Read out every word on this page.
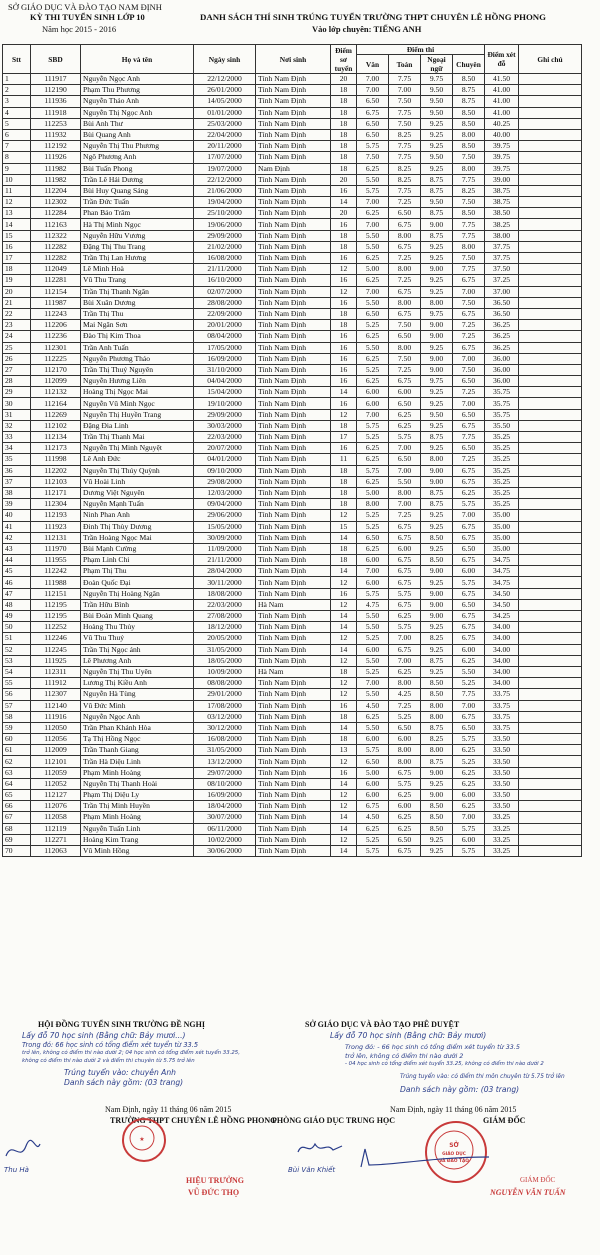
SỞ GIÁO DỤC VÀ ĐÀO TẠO NAM ĐỊNH
KỲ THI TUYỂN SINH LỚP 10
Năm học 2015 - 2016
DANH SÁCH THÍ SINH TRÚNG TUYỂN TRƯỜNG THPT CHUYÊN LÊ HỒNG PHONG
Vào lớp chuyên: TIẾNG ANH
Stt	SBD	Họ và tên	Ngày sinh	Nơi sinh	Điểm sơ tuyển	Điểm thi				Điểm xét đỗ	Ghi chú
						Văn	Toán	Ngoại ngữ	Chuyên		
1	111917	Nguyễn Ngọc Anh	22/12/2000	Tỉnh Nam Định	20	7.00	7.75	9.75	8.50	41.50	
2	112190	Phạm Thu Phương	26/01/2000	Tỉnh Nam Định	18	7.00	7.00	9.50	8.75	41.00	
3	111936	Nguyễn Thảo Anh	14/05/2000	Tỉnh Nam Định	18	6.50	7.50	9.50	8.75	41.00	
4	111918	Nguyễn Thị Ngọc Anh	01/01/2000	Tỉnh Nam Định	18	6.75	7.75	9.50	8.50	41.00	
5	112253	Bùi Anh Thư	25/03/2000	Tỉnh Nam Định	18	6.50	7.50	9.25	8.50	40.25	
6	111932	Bùi Quang Anh	22/04/2000	Tỉnh Nam Định	18	6.50	8.25	9.25	8.00	40.00	
7	112192	Nguyễn Thị Thu Phương	20/11/2000	Tỉnh Nam Định	18	5.75	7.75	9.25	8.50	39.75	
8	111926	Ngô Phương Anh	17/07/2000	Tỉnh Nam Định	18	7.50	7.75	9.50	7.50	39.75	
9	111982	Bùi Tuấn Phong	19/07/2000	Nam Định	18	6.25	8.25	9.25	8.00	39.75	
10	111982	Trần Lê Hải Dương	22/12/2000	Tỉnh Nam Định	20	5.50	8.25	8.75	7.75	39.00	
11	112204	Bùi Huy Quang Sáng	21/06/2000	Tỉnh Nam Định	16	5.75	7.75	8.75	8.25	38.75	
12	112302	Trần Đức Tuấn	19/04/2000	Tỉnh Nam Định	14	7.00	7.25	9.50	7.50	38.75	
13	112284	Phan Bảo Trâm	25/10/2000	Tỉnh Nam Định	20	6.25	6.50	8.75	8.50	38.50	
14	112163	Hà Thị Minh Ngọc	19/06/2000	Tỉnh Nam Định	16	7.00	6.75	9.00	7.75	38.25	
15	112322	Nguyễn Hữu Vương	29/09/2000	Tỉnh Nam Định	18	5.50	8.00	8.75	7.75	38.00	
16	112282	Đặng Thị Thu Trang	21/02/2000	Tỉnh Nam Định	18	5.50	6.75	9.25	8.00	37.75	
17	112282	Trần Thị Lan Hương	16/08/2000	Tỉnh Nam Định	16	6.25	7.25	9.25	7.50	37.75	
18	112049	Lê Minh Hoà	21/11/2000	Tỉnh Nam Định	12	5.00	8.00	9.00	7.75	37.50	
19	112281	Vũ Thu Trang	16/10/2000	Tỉnh Nam Định	16	6.25	7.25	9.25	6.75	37.25	
20	112154	Trần Thị Thanh Ngân	02/07/2000	Tỉnh Nam Định	12	7.00	6.75	9.25	7.00	37.00	
21	111987	Bùi Xuân Dương	28/08/2000	Tỉnh Nam Định	16	5.50	8.00	8.00	7.50	36.50	
22	112243	Trần Thị Thu	22/09/2000	Tỉnh Nam Định	18	6.50	6.75	9.75	6.75	36.50	
23	112206	Mai Ngân Sơn	20/01/2000	Tỉnh Nam Định	18	5.25	7.50	9.00	7.25	36.25	
24	112236	Đào Thị Kim Thoa	08/04/2000	Tỉnh Nam Định	16	6.25	6.50	9.00	7.25	36.25	
25	112301	Trần Anh Tuấn	17/05/2000	Tỉnh Nam Định	16	5.50	8.00	9.25	6.75	36.25	
26	112225	Nguyễn Phương Thảo	16/09/2000	Tỉnh Nam Định	16	6.25	7.50	9.00	7.00	36.00	
27	112170	Trần Thị Thuý Nguyên	31/10/2000	Tỉnh Nam Định	16	5.25	7.25	9.00	7.50	36.00	
28	112099	Nguyễn Hương Liên	04/04/2000	Tỉnh Nam Định	16	6.25	6.75	9.75	6.50	36.00	
29	112132	Hoàng Thị Ngọc Mai	15/04/2000	Tỉnh Nam Định	14	6.00	6.00	9.25	7.25	35.75	
30	112164	Nguyễn Vũ Minh Ngọc	19/10/2000	Tỉnh Nam Định	16	6.00	6.50	9.25	7.00	35.75	
31	112269	Nguyễn Thị Huyền Trang	29/09/2000	Tỉnh Nam Định	12	7.00	6.25	9.50	6.50	35.75	
32	112102	Đặng Đia Linh	30/03/2000	Tỉnh Nam Định	18	5.75	6.25	9.25	6.75	35.50	
33	112134	Trần Thị Thanh Mai	22/03/2000	Tỉnh Nam Định	17	5.25	5.75	8.75	7.75	35.25	
34	112173	Nguyễn Thị Minh Nguyệt	20/07/2000	Tỉnh Nam Định	16	6.25	7.00	9.25	6.50	35.25	
35	111998	Lê Anh Đức	04/01/2000	Tỉnh Nam Định	11	6.25	6.50	8.00	7.25	35.25	
36	112202	Nguyễn Thị Thúy Quỳnh	09/10/2000	Tỉnh Nam Định	18	5.75	7.00	9.00	6.75	35.25	
37	112103	Vũ Hoài Linh	29/08/2000	Tỉnh Nam Định	18	6.25	5.50	9.00	6.75	35.25	
38	112171	Dương Việt Nguyên	12/03/2000	Tỉnh Nam Định	18	5.00	8.00	8.75	6.25	35.25	
39	112304	Nguyễn Mạnh Tuấn	09/04/2000	Tỉnh Nam Định	18	8.00	7.00	8.75	5.75	35.25	
40	112193	Ninh Phan Anh	29/06/2000	Tỉnh Nam Định	12	5.25	7.25	9.25	7.00	35.00	
41	111923	Đinh Thị Thùy Dương	15/05/2000	Tỉnh Nam Định	15	5.25	6.75	9.25	6.75	35.00	
42	112131	Trần Hoàng Ngọc Mai	30/09/2000	Tỉnh Nam Định	14	6.50	6.75	8.50	6.75	35.00	
43	111970	Bùi Mạnh Cường	11/09/2000	Tỉnh Nam Định	18	6.25	6.00	9.25	6.50	35.00	
44	111955	Phạm Linh Chi	21/11/2000	Tỉnh Nam Định	18	6.00	6.75	8.50	6.75	34.75	
45	112242	Phạm Thị Thu	28/04/2000	Tỉnh Nam Định	14	7.00	6.75	9.00	6.00	34.75	
46	111988	Đoàn Quốc Đại	30/11/2000	Tỉnh Nam Định	12	6.00	6.75	9.25	5.75	34.75	
47	112151	Nguyễn Thị Hoàng Ngân	18/08/2000	Tỉnh Nam Định	16	5.75	5.75	9.00	6.75	34.50	
48	112195	Trần Hữu Bình	22/03/2000	Hà Nam	12	4.75	6.75	9.00	6.50	34.50	
49	112195	Bùi Đoàn Minh Quang	27/08/2000	Tỉnh Nam Định	14	5.50	6.25	9.00	6.75	34.25	
50	112252	Hoàng Thu Thủy	18/12/2000	Tỉnh Nam Định	14	5.50	5.75	9.25	6.75	34.00	
51	112246	Vũ Thu Thuỷ	20/05/2000	Tỉnh Nam Định	12	5.25	7.00	8.25	6.75	34.00	
52	112245	Trần Thị Ngọc ánh	31/05/2000	Tỉnh Nam Định	14	6.00	6.75	9.25	6.00	34.00	
53	111925	Lê Phương Anh	18/05/2000	Tỉnh Nam Định	12	5.50	7.00	8.75	6.25	34.00	
54	112311	Nguyễn Thị Thu Uyên	10/09/2000	Hà Nam	18	5.25	6.25	9.25	5.50	34.00	
55	111912	Lương Thị Kiều Anh	08/08/2000	Tỉnh Nam Định	12	7.00	8.00	8.50	5.25	34.00	
56	112307	Nguyễn Hà Tùng	29/01/2000	Tỉnh Nam Định	12	5.50	4.25	8.50	7.75	33.75	
57	112140	Vũ Đức Minh	17/08/2000	Tỉnh Nam Định	16	4.50	7.25	8.00	7.00	33.75	
58	111916	Nguyễn Ngọc Anh	03/12/2000	Tỉnh Nam Định	18	6.25	5.25	8.00	6.75	33.75	
59	112050	Trần Phan Khánh Hòa	30/12/2000	Tỉnh Nam Định	14	5.50	6.50	8.75	6.50	33.75	
60	112056	Tạ Thị Hồng Ngọc	16/08/2000	Tỉnh Nam Định	18	6.00	6.00	8.25	5.75	33.50	
61	112009	Trần Thanh Giang	31/05/2000	Tỉnh Nam Định	13	5.75	8.00	8.00	6.25	33.50	
62	112101	Trần Hà Diệu Linh	13/12/2000	Tỉnh Nam Định	12	6.50	8.00	8.75	5.25	33.50	
63	112059	Phạm Minh Hoàng	29/07/2000	Tỉnh Nam Định	16	5.00	6.75	9.00	6.25	33.50	
64	112052	Nguyễn Thị Thanh Hoài	08/10/2000	Tỉnh Nam Định	14	6.00	5.75	9.25	6.25	33.50	
65	112127	Phạm Thị Diệu Ly	16/09/2000	Tỉnh Nam Định	12	6.00	6.25	9.00	6.00	33.50	
66	112076	Trần Thị Minh Huyền	18/04/2000	Tỉnh Nam Định	12	6.75	6.00	8.50	6.25	33.50	
67	112058	Phạm Minh Hoàng	30/07/2000	Tỉnh Nam Định	14	4.50	6.25	8.50	7.00	33.25	
68	112119	Nguyễn Tuấn Linh	06/11/2000	Tỉnh Nam Định	14	6.25	6.25	8.50	5.75	33.25	
69	112271	Hoàng Kim Trang	10/02/2000	Tỉnh Nam Định	12	5.25	6.50	9.25	6.00	33.25	
70	112063	Vũ Minh Hồng	30/06/2000	Tỉnh Nam Định	14	5.75	6.75	9.25	5.75	33.25	
HỘI ĐỒNG TUYỂN SINH TRƯỜNG ĐỀ NGHỊ
Lấy đỗ 70 học sinh (Bằng chữ: Bảy mươi...)
Trong đó: 66 học sinh có tổng điểm xét tuyển từ 33.5
trở lên, không có điểm thi nào dưới 2; 04 học sinh có tổng điểm xét tuyển 33.25,
không có điểm thi nào dưới 2 và điểm thi chuyên từ 5.75 trở lên
Trúng tuyển vào: chuyên Anh
Danh sách này gồm: (03 trang)
SỞ GIÁO DỤC VÀ ĐÀO TẠO PHÊ DUYỆT
Lấy đỗ 70 học sinh (Bằng chữ: Bảy mươi)
Trong đó: - 66 học sinh có tổng điểm xét tuyển từ 33.5
trở lên, không có điểm thi nào dưới 2
- 04 học sinh có tổng điểm xét tuyển 33.25, không có điểm thi nào dưới 2
Trúng tuyển vào: có điểm thi môn chuyên từ 5.75 trở lên
Danh sách này gồm: (03 trang)
Nam Định, ngày 11 tháng 06 năm 2015	Nam Định, ngày 11 tháng 06 năm 2015
TRƯỜNG THPT CHUYÊN LÊ HỒNG PHONG
PHÒNG GIÁO DỤC TRUNG HỌC	GIÁM ĐỐC
★
SỞ
GIÁO DỤC
VÀ ĐÀO TẠO
Thu Hà	Bùi Văn Khiết
HIỆU TRƯỞNG
VŨ ĐỨC THỌ
GIÁM ĐỐC
NGUYỄN VĂN TUẤN
